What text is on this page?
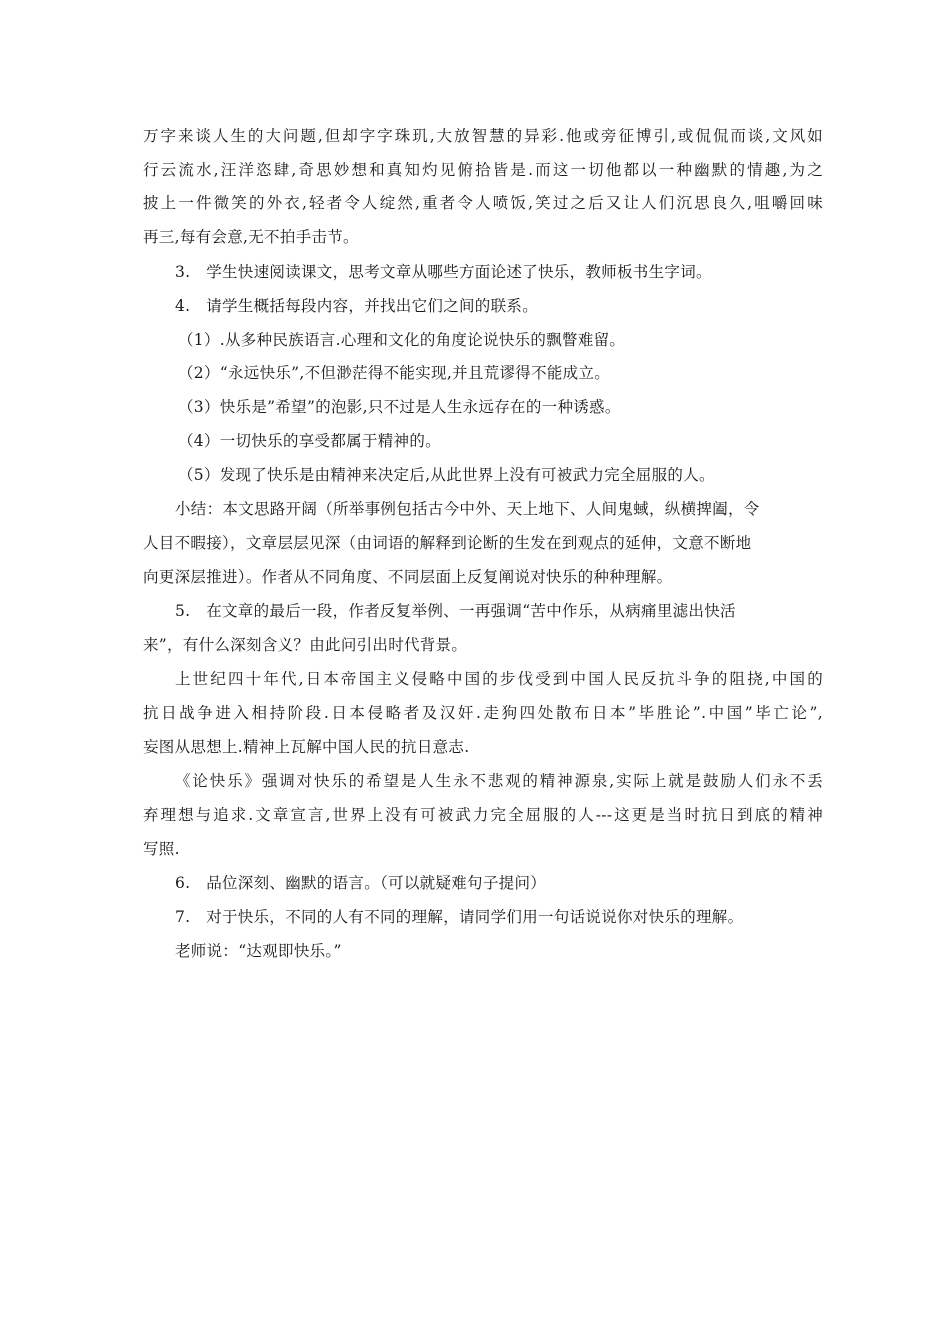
万字来谈人生的大问题,但却字字珠玑,大放智慧的异彩.他或旁征博引,或侃侃而谈,文风如
行云流水,汪洋恣肆,奇思妙想和真知灼见俯拾皆是.而这一切他都以一种幽默的情趣,为之
披上一件微笑的外衣,轻者令人绽然,重者令人喷饭,笑过之后又让人们沉思良久,咀嚼回味
再三,每有会意,无不拍手击节。
3.　学生快速阅读课文，思考文章从哪些方面论述了快乐，教师板书生字词。
4.　请学生概括每段内容，并找出它们之间的联系。
（1）.从多种民族语言.心理和文化的角度论说快乐的飘瞥难留。
（2）“永远快乐”,不但渺茫得不能实现,并且荒谬得不能成立。
（3）快乐是”希望”的泡影,只不过是人生永远存在的一种诱惑。
（4）一切快乐的享受都属于精神的。
（5）发现了快乐是由精神来决定后,从此世界上没有可被武力完全屈服的人。
小结：本文思路开阔（所举事例包括古今中外、天上地下、人间鬼蜮，纵横捭阖，令
人目不暇接），文章层层见深（由词语的解释到论断的生发在到观点的延伸，文意不断地
向更深层推进）。作者从不同角度、不同层面上反复阐说对快乐的种种理解。
5.　在文章的最后一段，作者反复举例、一再强调“苦中作乐，从病痛里滤出快活
来”，有什么深刻含义？由此问引出时代背景。
上世纪四十年代,日本帝国主义侵略中国的步伐受到中国人民反抗斗争的阻挠,中国的
抗日战争进入相持阶段.日本侵略者及汉奸.走狗四处散布日本”毕胜论”.中国”毕亡论”,
妄图从思想上.精神上瓦解中国人民的抗日意志.
《论快乐》强调对快乐的希望是人生永不悲观的精神源泉,实际上就是鼓励人们永不丢
弃理想与追求.文章宣言,世界上没有可被武力完全屈服的人---这更是当时抗日到底的精神
写照.
6.　品位深刻、幽默的语言。（可以就疑难句子提问）
7.　对于快乐，不同的人有不同的理解，请同学们用一句话说说你对快乐的理解。
老师说：“达观即快乐。”
